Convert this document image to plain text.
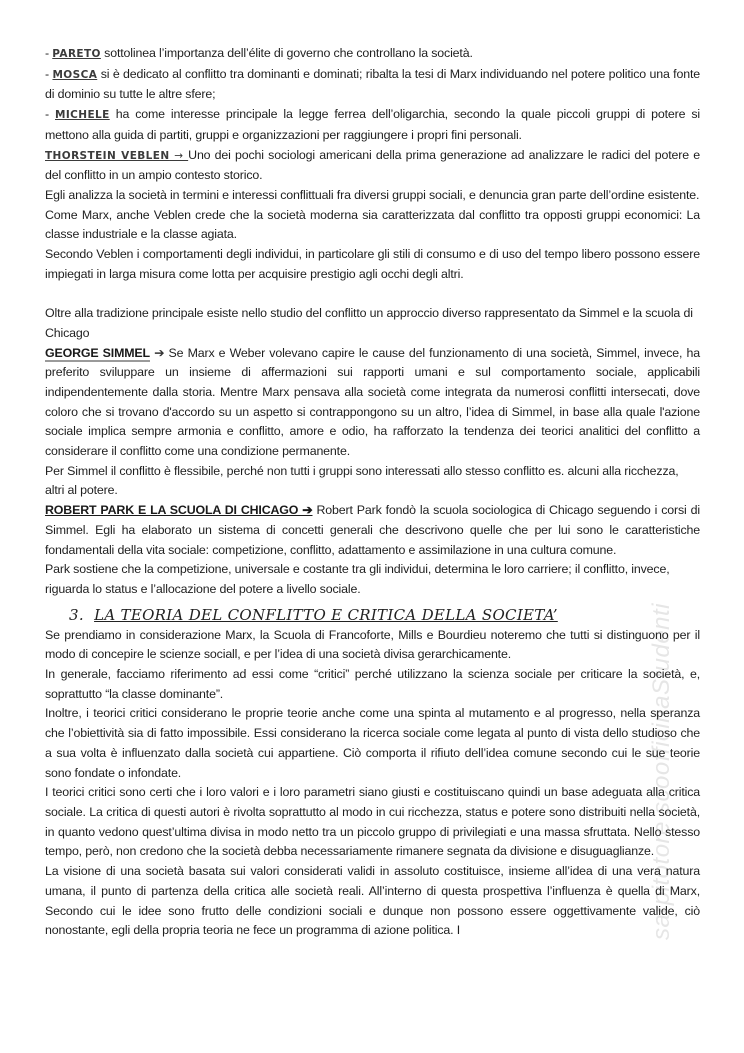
sarpitotore scoofficinaStudenti

- PARETO sottolinea l’importanza dell’élite di governo che controllano la società.

- MOSCA si è dedicato al conflitto tra dominanti e dominati; ribalta la tesi di Marx individuando nel potere politico una fonte di dominio su tutte le altre sfere;

- MICHELE ha come interesse principale la legge ferrea dell’oligarchia, secondo la quale piccoli gruppi di potere si mettono alla guida di partiti, gruppi e organizzazioni per raggiungere i propri fini personali.

THORSTEIN VEBLEN → Uno dei pochi sociologi americani della prima generazione ad analizzare le radici del potere e del conflitto in un ampio contesto storico.

Egli analizza la società in termini e interessi conflittuali fra diversi gruppi sociali, e denuncia gran parte dell’ordine esistente.

Come Marx, anche Veblen crede che la società moderna sia caratterizzata dal conflitto tra opposti gruppi economici: La classe industriale e la classe agiata.

Secondo Veblen i comportamenti degli individui, in particolare gli stili di consumo e di uso del tempo libero possono essere impiegati in larga misura come lotta per acquisire prestigio agli occhi degli altri.

Oltre alla tradizione principale esiste nello studio del conflitto un approccio diverso rappresentato da Simmel e la scuola di Chicago

GEORGE SIMMEL ➔ Se Marx e Weber volevano capire le cause del funzionamento di una società, Simmel, invece, ha preferito sviluppare un insieme di affermazioni sui rapporti umani e sul comportamento sociale, applicabili indipendentemente dalla storia. Mentre Marx pensava alla società come integrata da numerosi conflitti intersecati, dove coloro che si trovano d'accordo su un aspetto si contrappongono su un altro, l’idea di Simmel, in base alla quale l'azione sociale implica sempre armonia e conflitto, amore e odio, ha rafforzato la tendenza dei teorici analitici del conflitto a considerare il conflitto come una condizione permanente.

Per Simmel il conflitto è flessibile, perché non tutti i gruppi sono interessati allo stesso conflitto es. alcuni alla ricchezza, altri al potere.

ROBERT PARK E LA SCUOLA DI CHICAGO ➔ Robert Park fondò la scuola sociologica di Chicago seguendo i corsi di Simmel. Egli ha elaborato un sistema di concetti generali che descrivono quelle che per lui sono le caratteristiche fondamentali della vita sociale: competizione, conflitto, adattamento e assimilazione in una cultura comune.

Park sostiene che la competizione, universale e costante tra gli individui, determina le loro carriere; il conflitto, invece, riguarda lo status e l’allocazione del potere a livello sociale.

3. LA TEORIA DEL CONFLITTO E CRITICA DELLA SOCIETA’

Se prendiamo in considerazione Marx, la Scuola di Francoforte, Mills e Bourdieu noteremo che tutti si distinguono per il modo di concepire le scienze sociall, e per l’idea di una società divisa gerarchicamente.

In generale, facciamo riferimento ad essi come “critici” perché utilizzano la scienza sociale per criticare la società, e, soprattutto “la classe dominante”.

Inoltre, i teorici critici considerano le proprie teorie anche come una spinta al mutamento e al progresso, nella speranza che l’obiettività sia di fatto impossibile. Essi considerano la ricerca sociale come legata al punto di vista dello studioso che a sua volta è influenzato dalla società cui appartiene. Ciò comporta il rifiuto dell’idea comune secondo cui le sue teorie sono fondate o infondate.

I teorici critici sono certi che i loro valori e i loro parametri siano giusti e costituiscano quindi un base adeguata alla critica sociale. La critica di questi autori è rivolta soprattutto al modo in cui ricchezza, status e potere sono distribuiti nella società, in quanto vedono quest’ultima divisa in modo netto tra un piccolo gruppo di privilegiati e una massa sfruttata. Nello stesso tempo, però, non credono che la società debba necessariamente rimanere segnata da divisione e disuguaglianze.

La visione di una società basata sui valori considerati validi in assoluto costituisce, insieme all’idea di una vera natura umana, il punto di partenza della critica alle società reali. All’interno di questa prospettiva l’influenza è quella di Marx, Secondo cui le idee sono frutto delle condizioni sociali e dunque non possono essere oggettivamente valide, ciò nonostante, egli della propria teoria ne fece un programma di azione politica. I
